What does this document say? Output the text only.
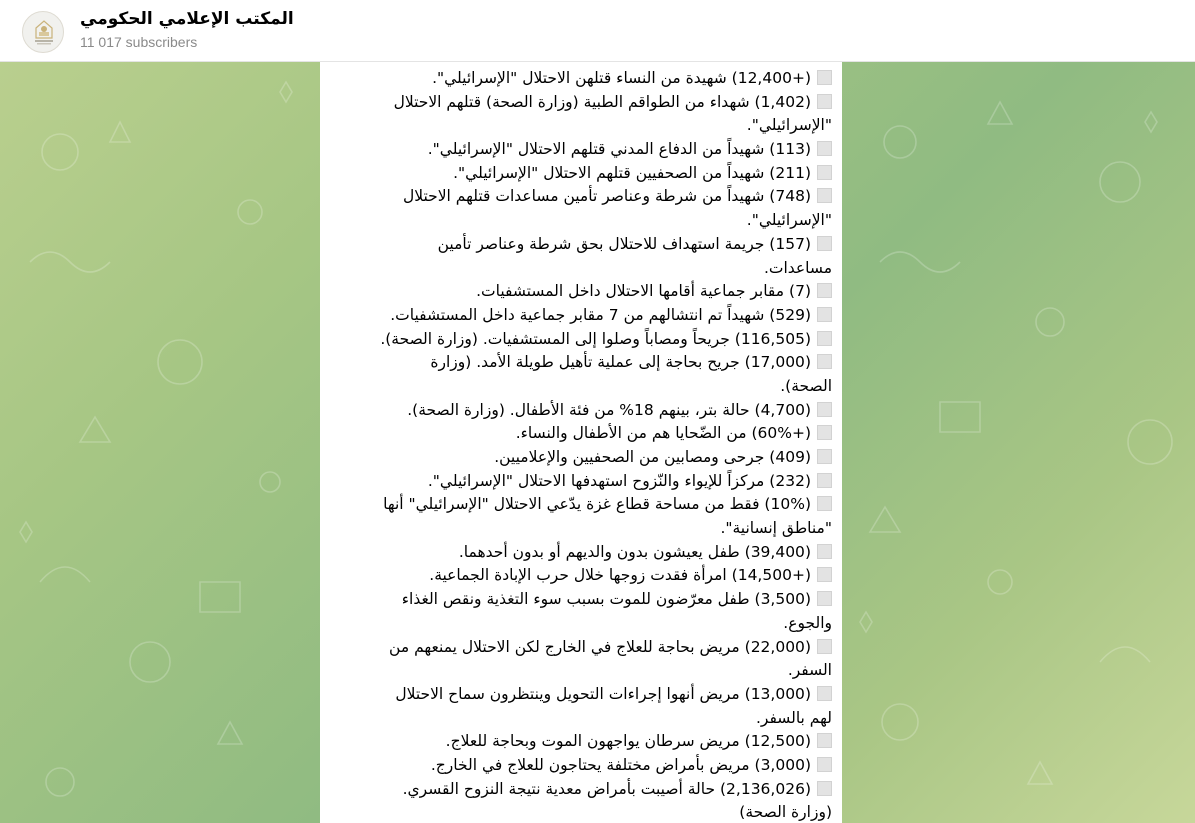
المكتب الإعلامي الحكومي
11 017 subscribers
(+12,400) شهيدة من النساء قتلهن الاحتلال "الإسرائيلي".
(1,402) شهداء من الطواقم الطبية (وزارة الصحة) قتلهم الاحتلال
"الإسرائيلي".
(113) شهيداً من الدفاع المدني قتلهم الاحتلال "الإسرائيلي".
(211) شهيداً من الصحفيين قتلهم الاحتلال "الإسرائيلي".
(748) شهيداً من شرطة وعناصر تأمين مساعدات قتلهم الاحتلال
"الإسرائيلي".
(157) جريمة استهداف للاحتلال بحق شرطة وعناصر تأمين
مساعدات.
(7) مقابر جماعية أقامها الاحتلال داخل المستشفيات.
(529) شهيداً تم انتشالهم من 7 مقابر جماعية داخل المستشفيات.
(116,505) جريحاً ومصاباً وصلوا إلى المستشفيات. (وزارة الصحة).
(17,000) جريح بحاجة إلى عملية تأهيل طويلة الأمد. (وزارة
الصحة).
(4,700) حالة بتر، بينهم 18% من فئة الأطفال. (وزارة الصحة).
(+60%) من الضّحايا هم من الأطفال والنساء.
(409) جرحى ومصابين من الصحفيين والإعلاميين.
(232) مركزاً للإيواء والنّزوح استهدفها الاحتلال "الإسرائيلي".
(10%) فقط من مساحة قطاع غزة يدّعي الاحتلال "الإسرائيلي" أنها
"مناطق إنسانية".
(39,400) طفل يعيشون بدون والديهم أو بدون أحدهما.
(+14,500) امرأة فقدت زوجها خلال حرب الإبادة الجماعية.
(3,500) طفل معرّضون للموت بسبب سوء التغذية ونقص الغذاء
والجوع.
(22,000) مريض بحاجة للعلاج في الخارج لكن الاحتلال يمنعهم من
السفر.
(13,000) مريض أنهوا إجراءات التحويل وينتظرون سماح الاحتلال
لهم بالسفر.
(12,500) مريض سرطان يواجهون الموت وبحاجة للعلاج.
(3,000) مريض بأمراض مختلفة يحتاجون للعلاج في الخارج.
(2,136,026) حالة أصيبت بأمراض معدية نتيجة النزوح القسري.
(وزارة الصحة)
